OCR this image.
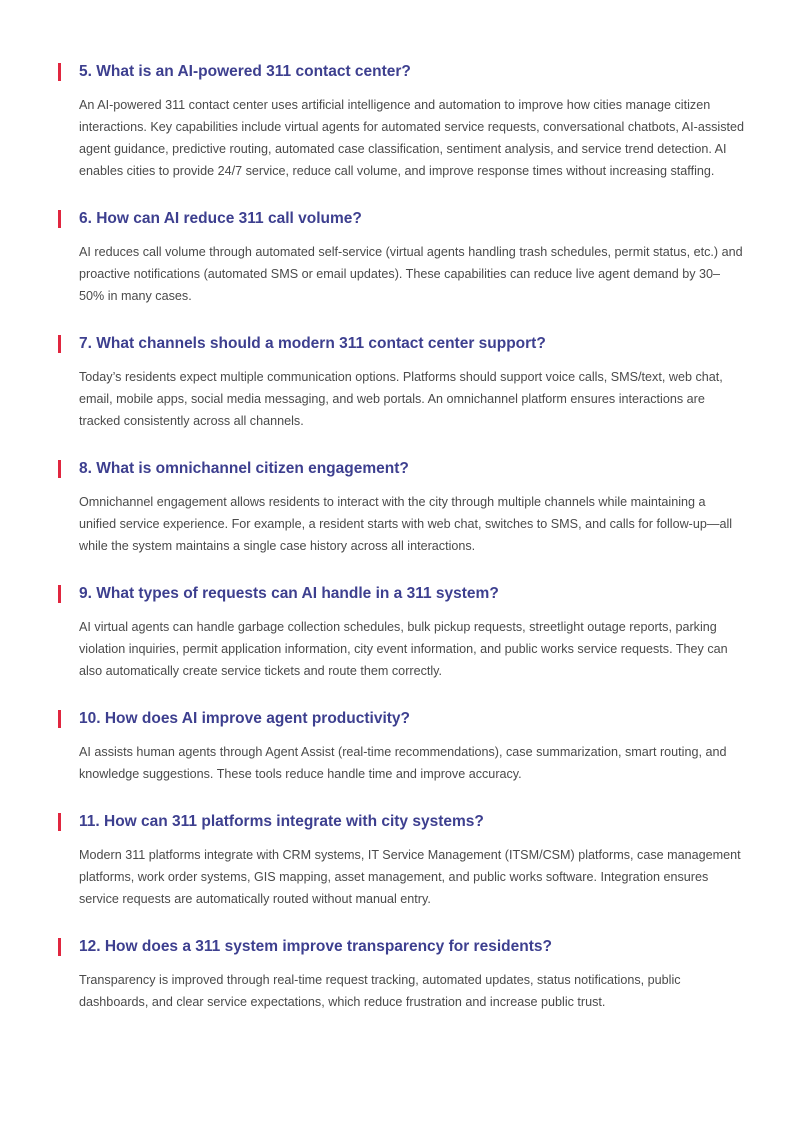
5. What is an AI-powered 311 contact center?

An AI-powered 311 contact center uses artificial intelligence and automation to improve how cities manage citizen interactions. Key capabilities include virtual agents for automated service requests, conversational chatbots, AI-assisted agent guidance, predictive routing, automated case classification, sentiment analysis, and service trend detection. AI enables cities to provide 24/7 service, reduce call volume, and improve response times without increasing staffing.

6. How can AI reduce 311 call volume?

AI reduces call volume through automated self-service (virtual agents handling trash schedules, permit status, etc.) and proactive notifications (automated SMS or email updates). These capabilities can reduce live agent demand by 30–50% in many cases.

7. What channels should a modern 311 contact center support?

Today’s residents expect multiple communication options. Platforms should support voice calls, SMS/text, web chat, email, mobile apps, social media messaging, and web portals. An omnichannel platform ensures interactions are tracked consistently across all channels.

8. What is omnichannel citizen engagement?

Omnichannel engagement allows residents to interact with the city through multiple channels while maintaining a unified service experience. For example, a resident starts with web chat, switches to SMS, and calls for follow-up—all while the system maintains a single case history across all interactions.

9. What types of requests can AI handle in a 311 system?

AI virtual agents can handle garbage collection schedules, bulk pickup requests, streetlight outage reports, parking violation inquiries, permit application information, city event information, and public works service requests. They can also automatically create service tickets and route them correctly.

10. How does AI improve agent productivity?

AI assists human agents through Agent Assist (real-time recommendations), case summarization, smart routing, and knowledge suggestions. These tools reduce handle time and improve accuracy.

11. How can 311 platforms integrate with city systems?

Modern 311 platforms integrate with CRM systems, IT Service Management (ITSM/CSM) platforms, case management platforms, work order systems, GIS mapping, asset management, and public works software. Integration ensures service requests are automatically routed without manual entry.

12. How does a 311 system improve transparency for residents?

Transparency is improved through real-time request tracking, automated updates, status notifications, public dashboards, and clear service expectations, which reduce frustration and increase public trust.
